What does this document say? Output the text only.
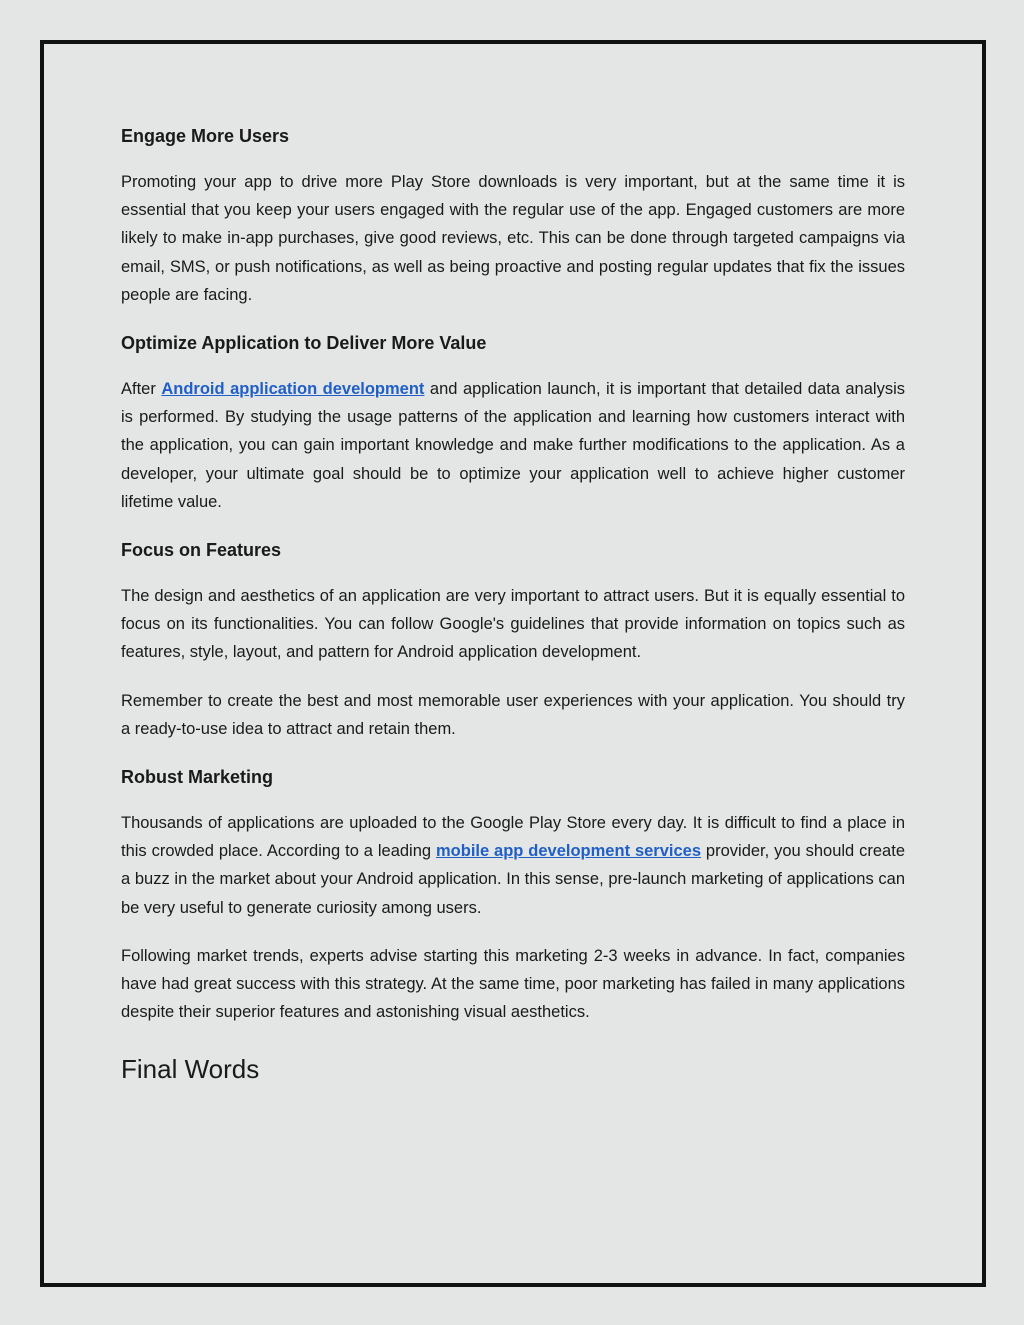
Engage More Users

Promoting your app to drive more Play Store downloads is very important, but at the same time it is essential that you keep your users engaged with the regular use of the app. Engaged customers are more likely to make in-app purchases, give good reviews, etc. This can be done through targeted campaigns via email, SMS, or push notifications, as well as being proactive and posting regular updates that fix the issues people are facing.

Optimize Application to Deliver More Value

After Android application development and application launch, it is important that detailed data analysis is performed. By studying the usage patterns of the application and learning how customers interact with the application, you can gain important knowledge and make further modifications to the application. As a developer, your ultimate goal should be to optimize your application well to achieve higher customer lifetime value.

Focus on Features

The design and aesthetics of an application are very important to attract users. But it is equally essential to focus on its functionalities. You can follow Google's guidelines that provide information on topics such as features, style, layout, and pattern for Android application development.

Remember to create the best and most memorable user experiences with your application. You should try a ready-to-use idea to attract and retain them.

Robust Marketing

Thousands of applications are uploaded to the Google Play Store every day. It is difficult to find a place in this crowded place. According to a leading mobile app development services provider, you should create a buzz in the market about your Android application. In this sense, pre-launch marketing of applications can be very useful to generate curiosity among users.

Following market trends, experts advise starting this marketing 2-3 weeks in advance. In fact, companies have had great success with this strategy. At the same time, poor marketing has failed in many applications despite their superior features and astonishing visual aesthetics.

Final Words
